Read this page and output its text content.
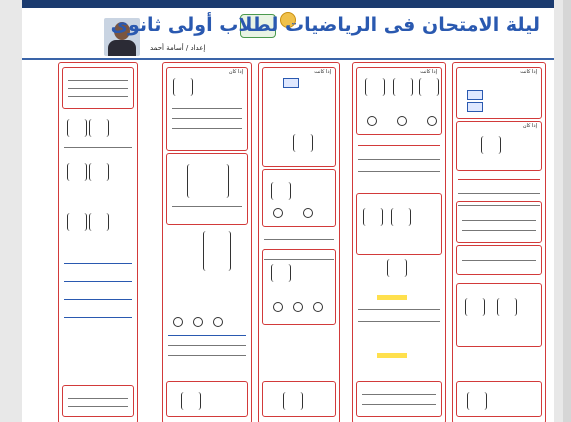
ليلة الامتحان فى الرياضيات لطلاب أولى ثانوى
إعداد / أسامة أحمد
إذا كان	إذا كانت	إذا كانت	إذا كانت
إذا كان
